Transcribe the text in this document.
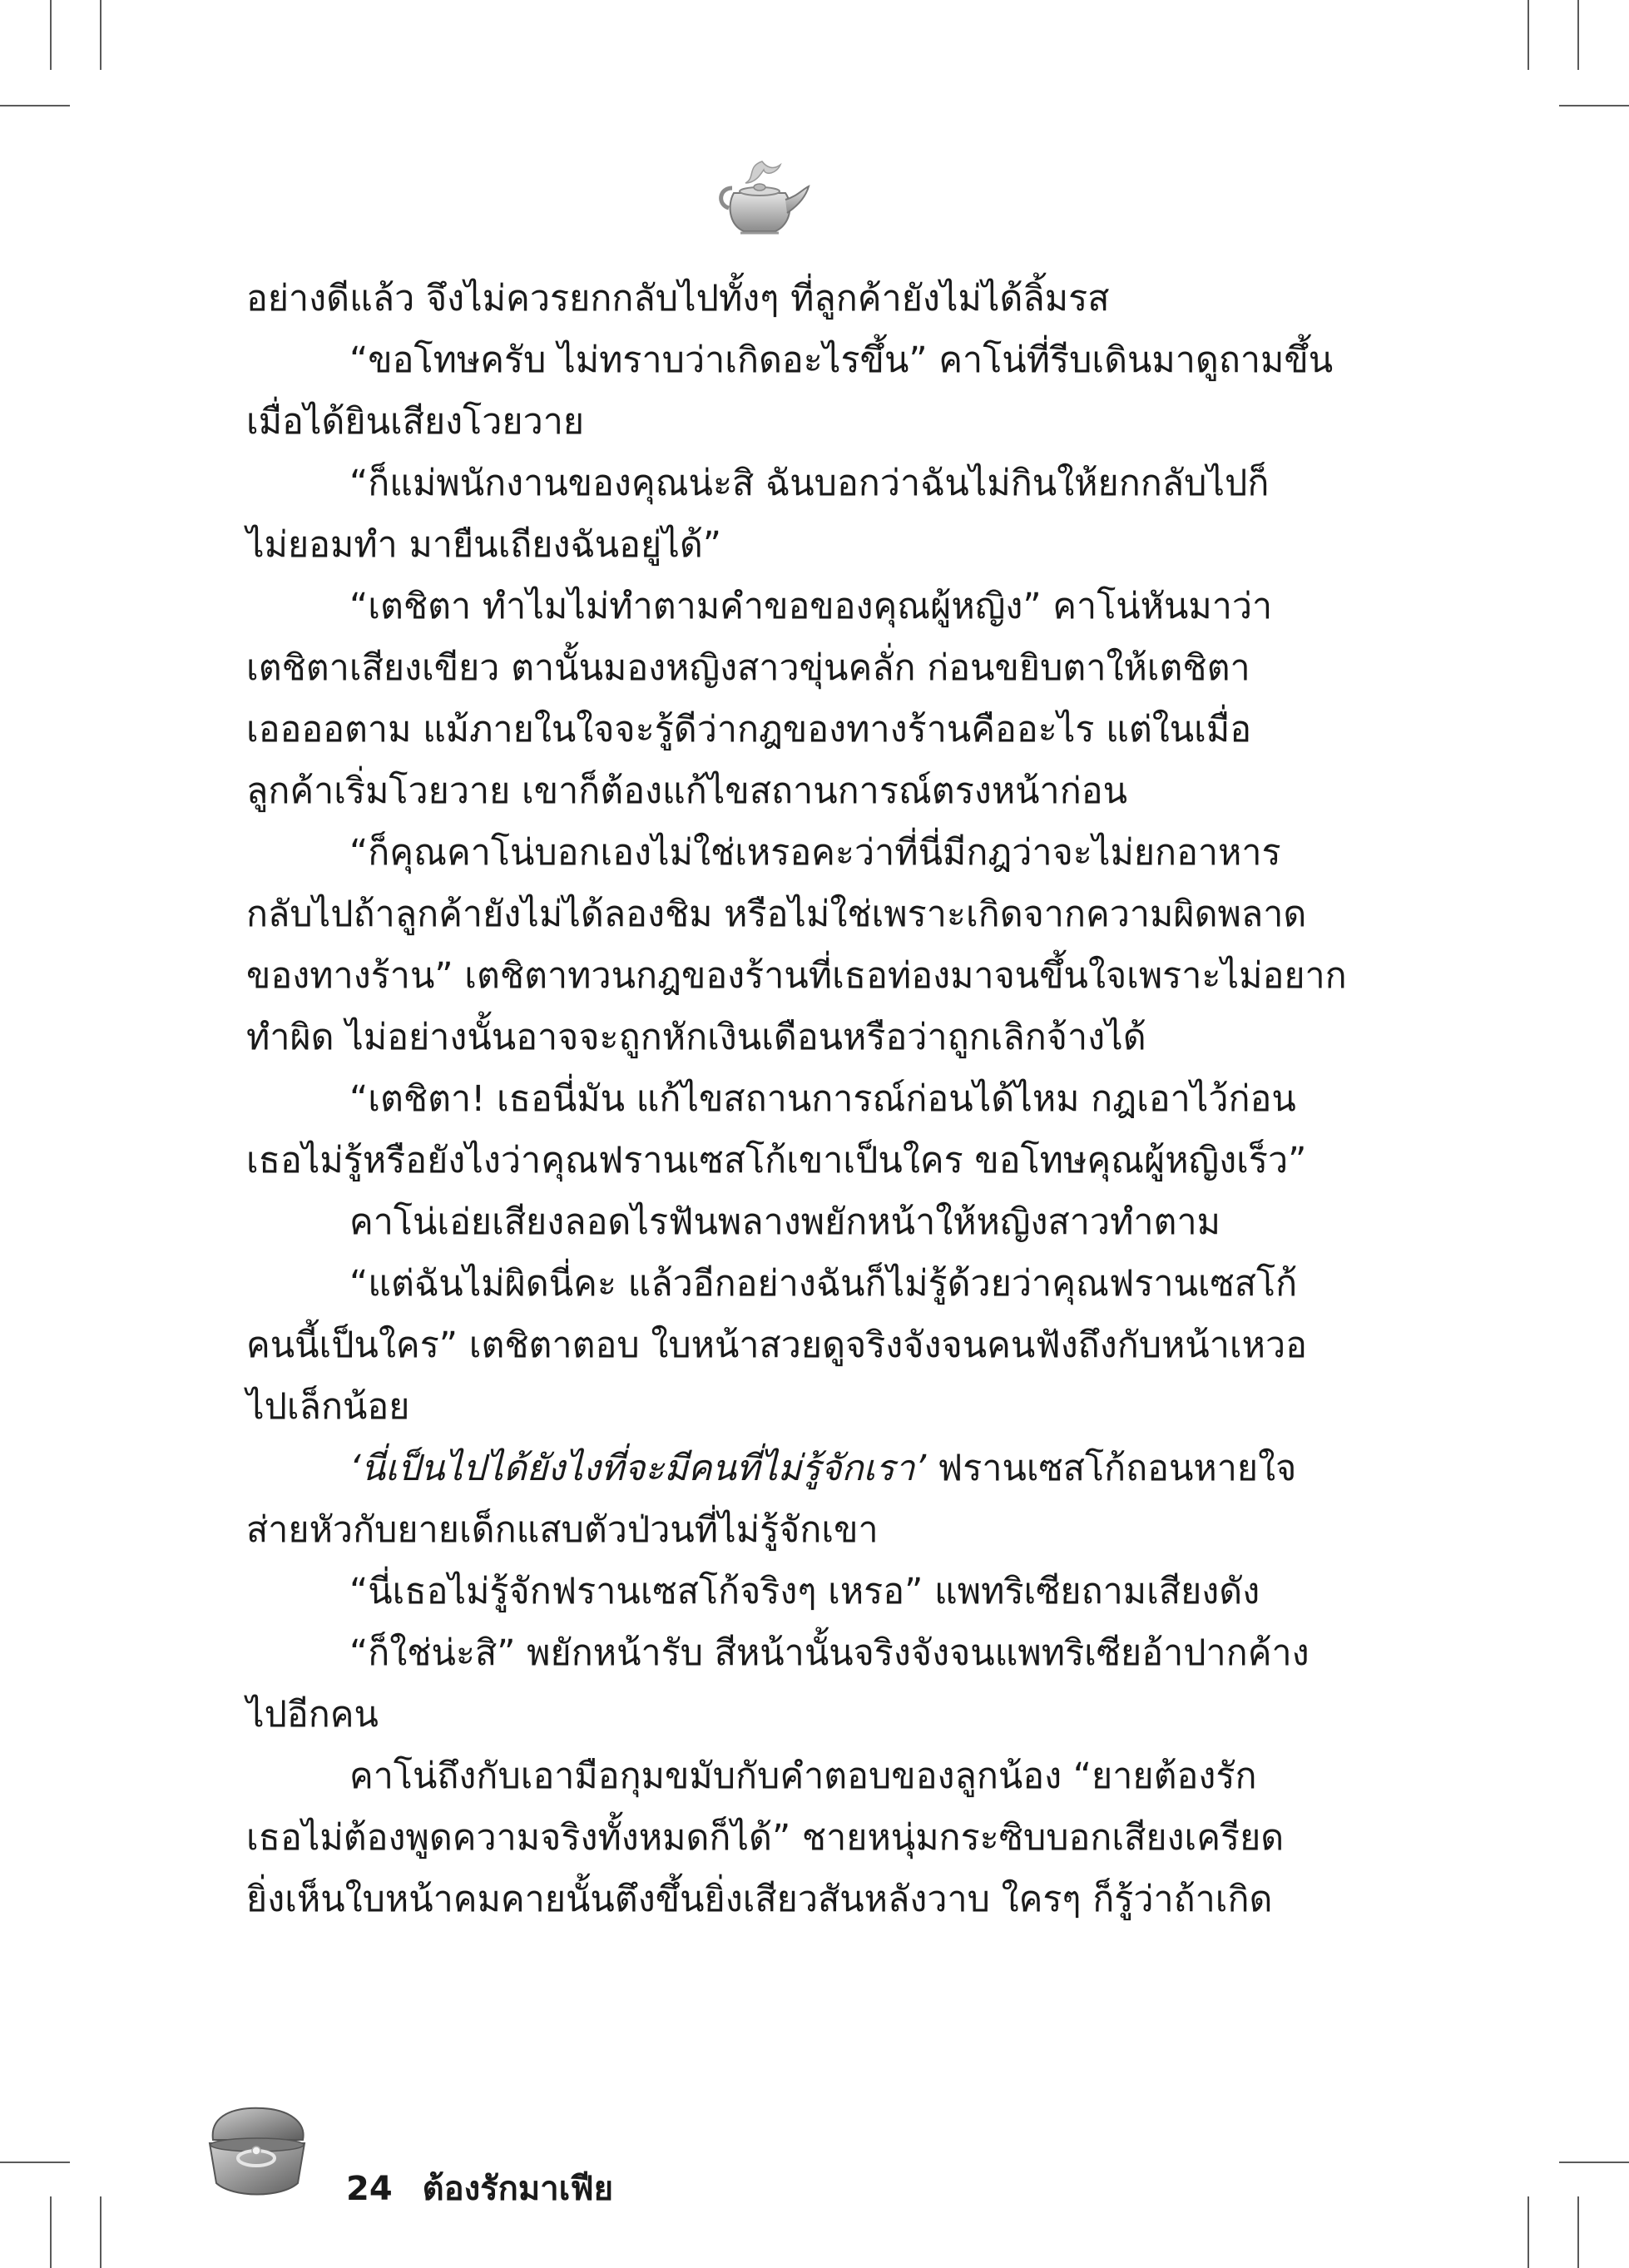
อย่างดีแล้ว จึงไม่ควรยกกลับไปทั้งๆ ที่ลูกค้ายังไม่ได้ลิ้มรส
“ขอโทษครับ ไม่ทราบว่าเกิดอะไรขึ้น” คาโน่ที่รีบเดินมาดูถามขึ้น
เมื่อได้ยินเสียงโวยวาย
“ก็แม่พนักงานของคุณน่ะสิ ฉันบอกว่าฉันไม่กินให้ยกกลับไปก็
ไม่ยอมทำ มายืนเถียงฉันอยู่ได้”
“เตชิตา ทำไมไม่ทำตามคำขอของคุณผู้หญิง” คาโน่หันมาว่า
เตชิตาเสียงเขียว ตานั้นมองหญิงสาวขุ่นคลั่ก ก่อนขยิบตาให้เตชิตา
เออออตาม แม้ภายในใจจะรู้ดีว่ากฎของทางร้านคืออะไร แต่ในเมื่อ
ลูกค้าเริ่มโวยวาย เขาก็ต้องแก้ไขสถานการณ์ตรงหน้าก่อน
“ก็คุณคาโน่บอกเองไม่ใช่เหรอคะว่าที่นี่มีกฎว่าจะไม่ยกอาหาร
กลับไปถ้าลูกค้ายังไม่ได้ลองชิม หรือไม่ใช่เพราะเกิดจากความผิดพลาด
ของทางร้าน” เตชิตาทวนกฎของร้านที่เธอท่องมาจนขึ้นใจเพราะไม่อยาก
ทำผิด ไม่อย่างนั้นอาจจะถูกหักเงินเดือนหรือว่าถูกเลิกจ้างได้
“เตชิตา! เธอนี่มัน แก้ไขสถานการณ์ก่อนได้ไหม กฎเอาไว้ก่อน
เธอไม่รู้หรือยังไงว่าคุณฟรานเซสโก้เขาเป็นใคร ขอโทษคุณผู้หญิงเร็ว”
คาโน่เอ่ยเสียงลอดไรฟันพลางพยักหน้าให้หญิงสาวทำตาม
“แต่ฉันไม่ผิดนี่คะ แล้วอีกอย่างฉันก็ไม่รู้ด้วยว่าคุณฟรานเซสโก้
คนนี้เป็นใคร” เตชิตาตอบ ใบหน้าสวยดูจริงจังจนคนฟังถึงกับหน้าเหวอ
ไปเล็กน้อย
‘นี่เป็นไปได้ยังไงที่จะมีคนที่ไม่รู้จักเรา’ ฟรานเซสโก้ถอนหายใจ
ส่ายหัวกับยายเด็กแสบตัวป่วนที่ไม่รู้จักเขา
“นี่เธอไม่รู้จักฟรานเซสโก้จริงๆ เหรอ” แพทริเซียถามเสียงดัง
“ก็ใช่น่ะสิ” พยักหน้ารับ สีหน้านั้นจริงจังจนแพทริเซียอ้าปากค้าง
ไปอีกคน
คาโน่ถึงกับเอามือกุมขมับกับคำตอบของลูกน้อง “ยายต้องรัก
เธอไม่ต้องพูดความจริงทั้งหมดก็ได้” ชายหนุ่มกระซิบบอกเสียงเครียด
ยิ่งเห็นใบหน้าคมคายนั้นตึงขึ้นยิ่งเสียวสันหลังวาบ ใครๆ ก็รู้ว่าถ้าเกิด
24 ต้องรักมาเฟีย
